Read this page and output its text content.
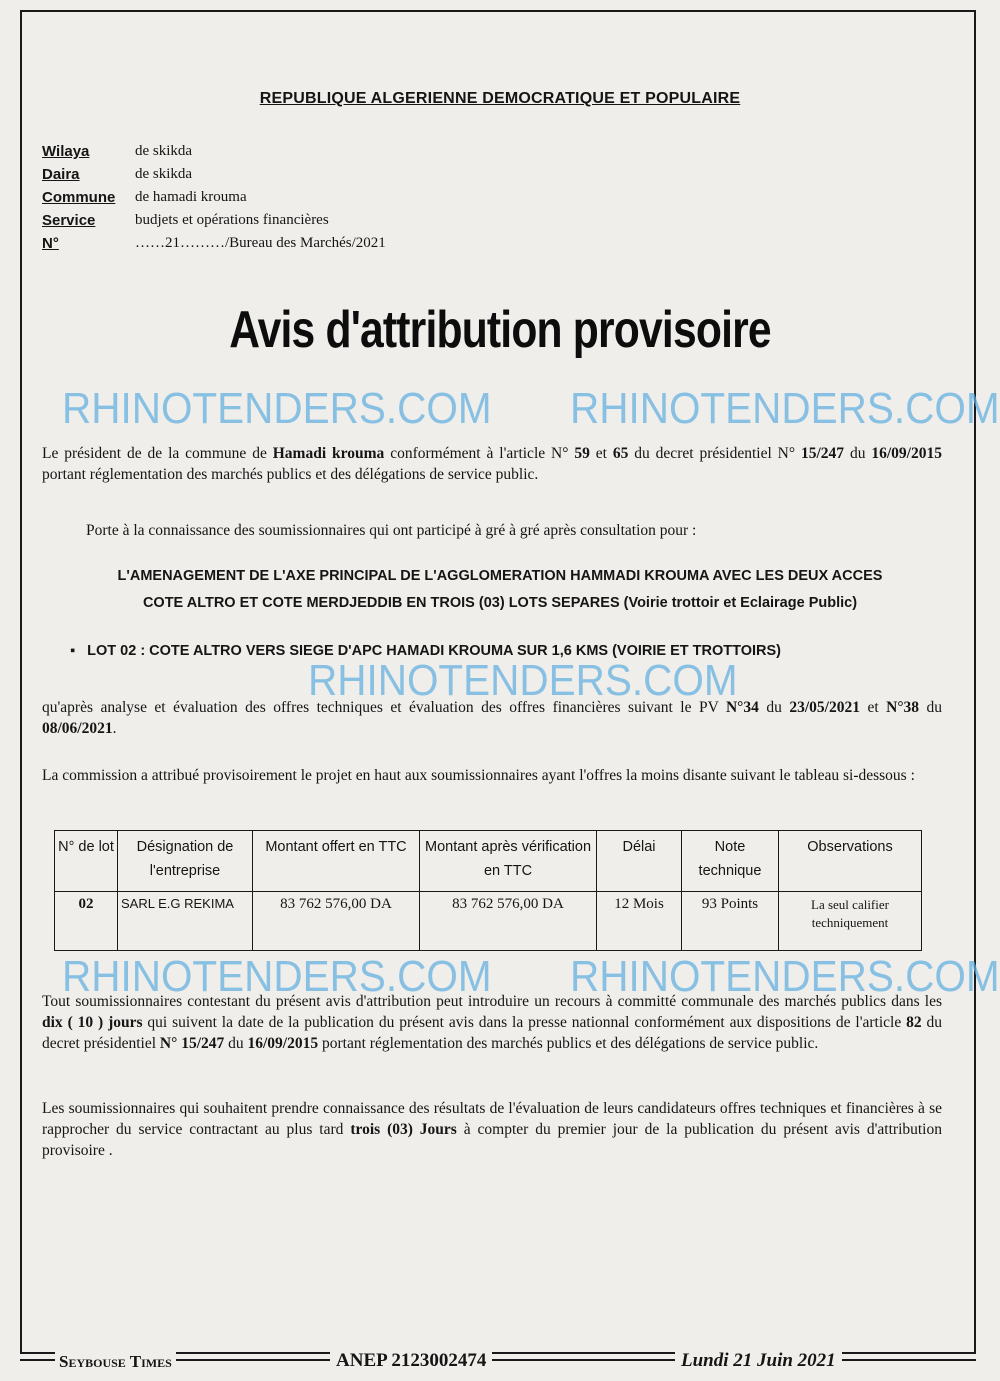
REPUBLIQUE ALGERIENNE DEMOCRATIQUE ET POPULAIRE
Wilaya	de skikda
Daira	de skikda
Commune	de hamadi krouma
Service	budjets et opérations financières
N°	……21………/Bureau des Marchés/2021
Avis d'attribution provisoire
RHINOTENDERS.COM RHINOTENDERS.COM
Le président de de la commune de Hamadi krouma conformément à l'article N° 59 et 65 du decret présidentiel N° 15/247 du 16/09/2015 portant réglementation des marchés publics et des délégations de service public.
Porte à la connaissance des soumissionnaires qui ont participé à gré à gré après consultation pour :
L'AMENAGEMENT DE L'AXE PRINCIPAL DE L'AGGLOMERATION HAMMADI KROUMA AVEC LES DEUX ACCES
COTE ALTRO ET COTE MERDJEDDIB EN TROIS (03) LOTS SEPARES (Voirie trottoir et Eclairage Public)
▪ LOT 02 : COTE ALTRO VERS SIEGE D'APC HAMADI KROUMA SUR 1,6 KMS (VOIRIE ET TROTTOIRS)
RHINOTENDERS.COM
qu'après analyse et évaluation des offres techniques et évaluation des offres financières suivant le PV N°34 du 23/05/2021 et N°38 du 08/06/2021.
La commission a attribué provisoirement le projet en haut aux soumissionnaires ayant l'offres la moins disante suivant le tableau si-dessous :
N° de lot	Désignation de l'entreprise	Montant offert en TTC	Montant après vérification en TTC	Délai	Note technique	Observations
02	SARL E.G REKIMA	83 762 576,00 DA	83 762 576,00 DA	12 Mois	93 Points	La seul califier techniquement
RHINOTENDERS.COM RHINOTENDERS.COM
Tout soumissionnaires contestant du présent avis d'attribution peut introduire un recours à committé communale des marchés publics dans les dix ( 10 ) jours qui suivent la date de la publication du présent avis dans la presse nationnal conformément aux dispositions de l'article 82 du decret présidentiel N° 15/247 du 16/09/2015 portant réglementation des marchés publics et des délégations de service public.
Les soumissionnaires qui souhaitent prendre connaissance des résultats de l'évaluation de leurs candidateurs offres techniques et financières à se rapprocher du service contractant au plus tard trois (03) Jours à compter du premier jour de la publication du présent avis d'attribution provisoire .
Seybouse Times	ANEP 2123002474	Lundi 21 Juin 2021
